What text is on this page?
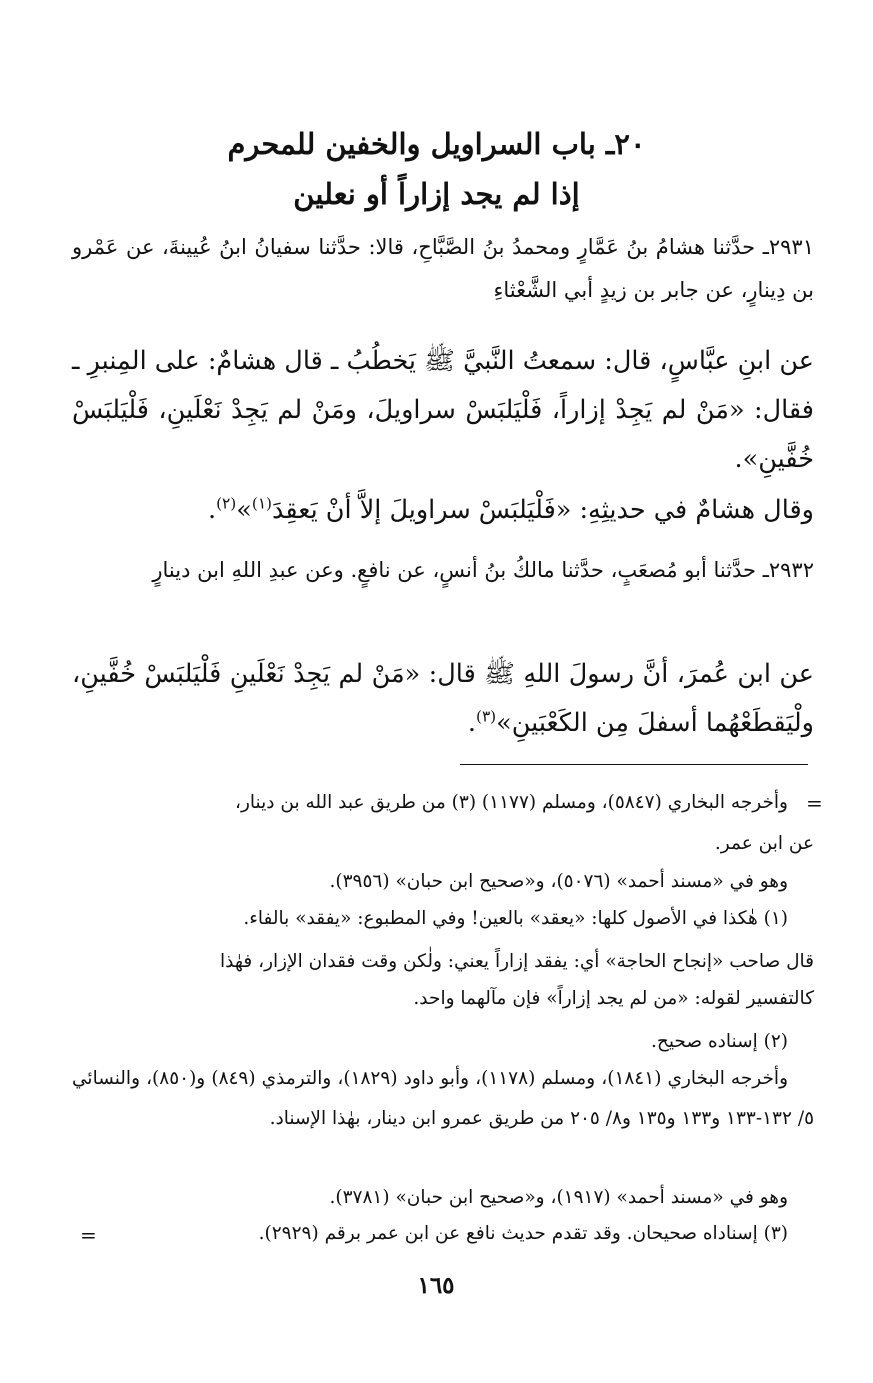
٢٠ـ باب السراويل والخفين للمحرم
إذا لم يجد إزاراً أو نعلين
٢٩٣١ـ حدَّثنا هشامُ بنُ عَمَّارٍ ومحمدُ بنُ الصَّبَّاحِ، قالا: حدَّثنا سفيانُ ابنُ عُيينةَ، عن عَمْرو بن دِينارٍ، عن جابر بن زيدٍ أبي الشَّعْثاءِ
عن ابنِ عبَّاسٍ، قال: سمعتُ النَّبيَّ ﷺ يَخطُبُ ـ قال هشامٌ: على المِنبرِ ـ فقال: «مَنْ لم يَجِدْ إزاراً، فَلْيَلبَسْ سراويلَ، ومَنْ لم يَجِدْ نَعْلَينِ، فَلْيَلبَسْ خُفَّينِ».
وقال هشامٌ في حديثِهِ: «فَلْيَلبَسْ سراويلَ إلاَّ أنْ يَعقِدَ$^{(١)}$»$^{(٢)}$.
٢٩٣٢ـ حدَّثنا أبو مُصعَبٍ، حدَّثنا مالكُ بنُ أنسٍ، عن نافعٍ. وعن عبدِ اللهِ ابن دينارٍ
عن ابن عُمرَ، أنَّ رسولَ اللهِ ﷺ قال: «مَنْ لم يَجِدْ نَعْلَينِ فَلْيَلبَسْ خُفَّينِ، ولْيَقطَعْهُما أسفلَ مِن الكَعْبَينِ»$^{(٣)}$.
=
وأخرجه البخاري (٥٨٤٧)، ومسلم (١١٧٧) (٣) من طريق عبد الله بن دينار،
عن ابن عمر.
وهو في «مسند أحمد» (٥٠٧٦)، و«صحيح ابن حبان» (٣٩٥٦).
(١) هٰكذا في الأصول كلها: «يعقد» بالعين! وفي المطبوع: «يفقد» بالفاء.
قال صاحب «إنجاح الحاجة» أي: يفقد إزاراً يعني: ولٰكن وقت فقدان الإزار، فهٰذا
كالتفسير لقوله: «من لم يجد إزاراً» فإن مآلهما واحد.
(٢) إسناده صحيح.
وأخرجه البخاري (١٨٤١)، ومسلم (١١٧٨)، وأبو داود (١٨٢٩)، والترمذي (٨٤٩) و(٨٥٠)، والنسائي ٥/ ١٣٢-١٣٣ و١٣٣ و١٣٥ و٨/ ٢٠٥ من طريق عمرو ابن دينار، بهٰذا الإسناد.
وهو في «مسند أحمد» (١٩١٧)، و«صحيح ابن حبان» (٣٧٨١).
(٣) إسناداه صحيحان. وقد تقدم حديث نافع عن ابن عمر برقم (٢٩٢٩).
=
١٦٥
